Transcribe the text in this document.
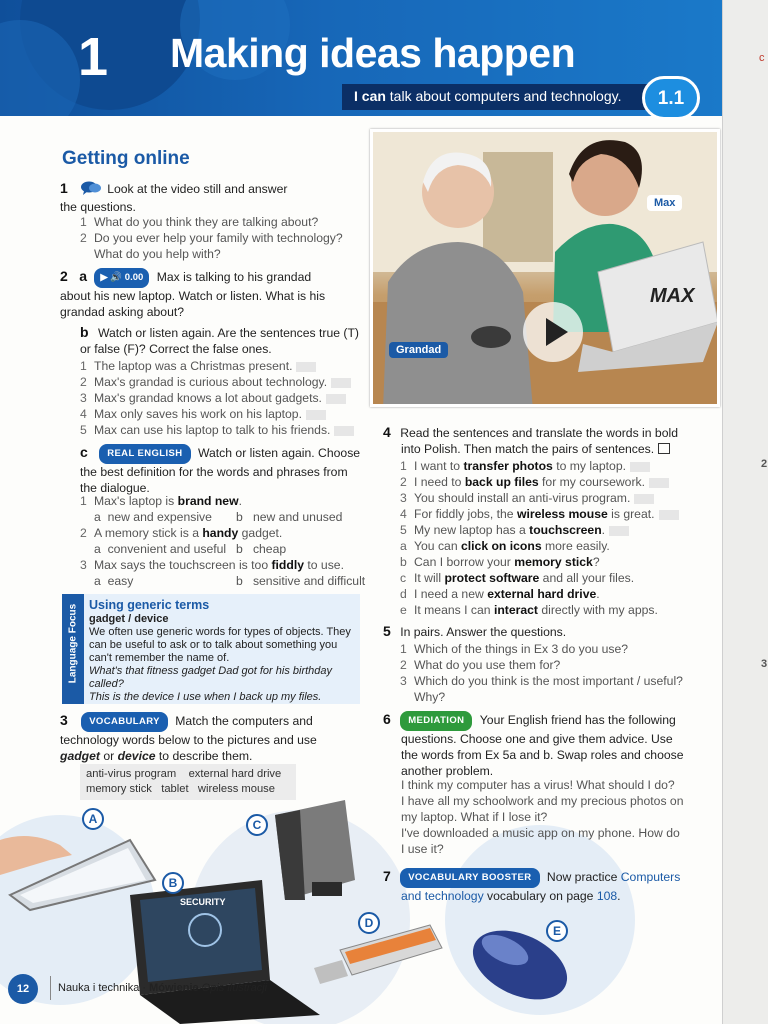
1 Making ideas happen
I can talk about computers and technology.	1.1
Getting online
1	Look at the video still and answer
the questions.
1 What do you think they are talking about?
2 Do you ever help your family with technology?
What do you help with?
2 a ▶ 🔊 0.00 Max is talking to his grandad
about his new laptop. Watch or listen. What is his
grandad asking about?
b Watch or listen again. Are the sentences true (T)
or false (F)? Correct the false ones.
1 The laptop was a Christmas present.
2 Max's grandad is curious about technology.
3 Max's grandad knows a lot about gadgets.
4 Max only saves his work on his laptop.
5 Max can use his laptop to talk to his friends.
c REAL ENGLISH Watch or listen again. Choose
the best definition for the words and phrases from
the dialogue.
1 Max's laptop is brand new.
a  new and expensive b   new and unused
2 A memory stick is a handy gadget.
a  convenient and useful b   cheap
3 Max says the touchscreen is too fiddly to use.
a  easy	b   sensitive and difficult
Language Focus Using generic terms
gadget / device
We often use generic words for types of objects. They
can be useful to ask or to talk about something you
can't remember the name of.
What's that fitness gadget Dad got for his birthday called?
This is the device I use when I back up my files.
3 VOCABULARY Match the computers and
technology words below to the pictures and use
gadget or device to describe them.
anti-virus program    external hard drive
memory stick   tablet   wireless mouse
SECURITY
A
B
C
D
E
MAX
Max
Grandad
4 Read the sentences and translate the words in bold
into Polish. Then match the pairs of sentences.
1 I want to transfer photos to my laptop.
2 I need to back up files for my coursework.
3 You should install an anti-virus program.
4 For fiddly jobs, the wireless mouse is great.
5 My new laptop has a touchscreen.
a You can click on icons more easily.
b Can I borrow your memory stick?
c It will protect software and all your files.
d I need a new external hard drive.
e It means I can interact directly with my apps.
5 In pairs. Answer the questions.
1 Which of the things in Ex 3 do you use?
2 What do you use them for?
3 Which do you think is the most important / useful?
Why?
6 MEDIATION Your English friend has the following
questions. Choose one and give them advice. Use
the words from Ex 5a and b. Swap roles and choose
another problem.
I think my computer has a virus! What should I do?
I have all my schoolwork and my precious photos on
my laptop. What if I lose it?
I've downloaded a music app on my phone. How do
I use it?
7 VOCABULARY BOOSTER Now practice Computers
and technology vocabulary on page 108.
12	Nauka i technika · Mówienie Opis ilustracji
c
2
3
